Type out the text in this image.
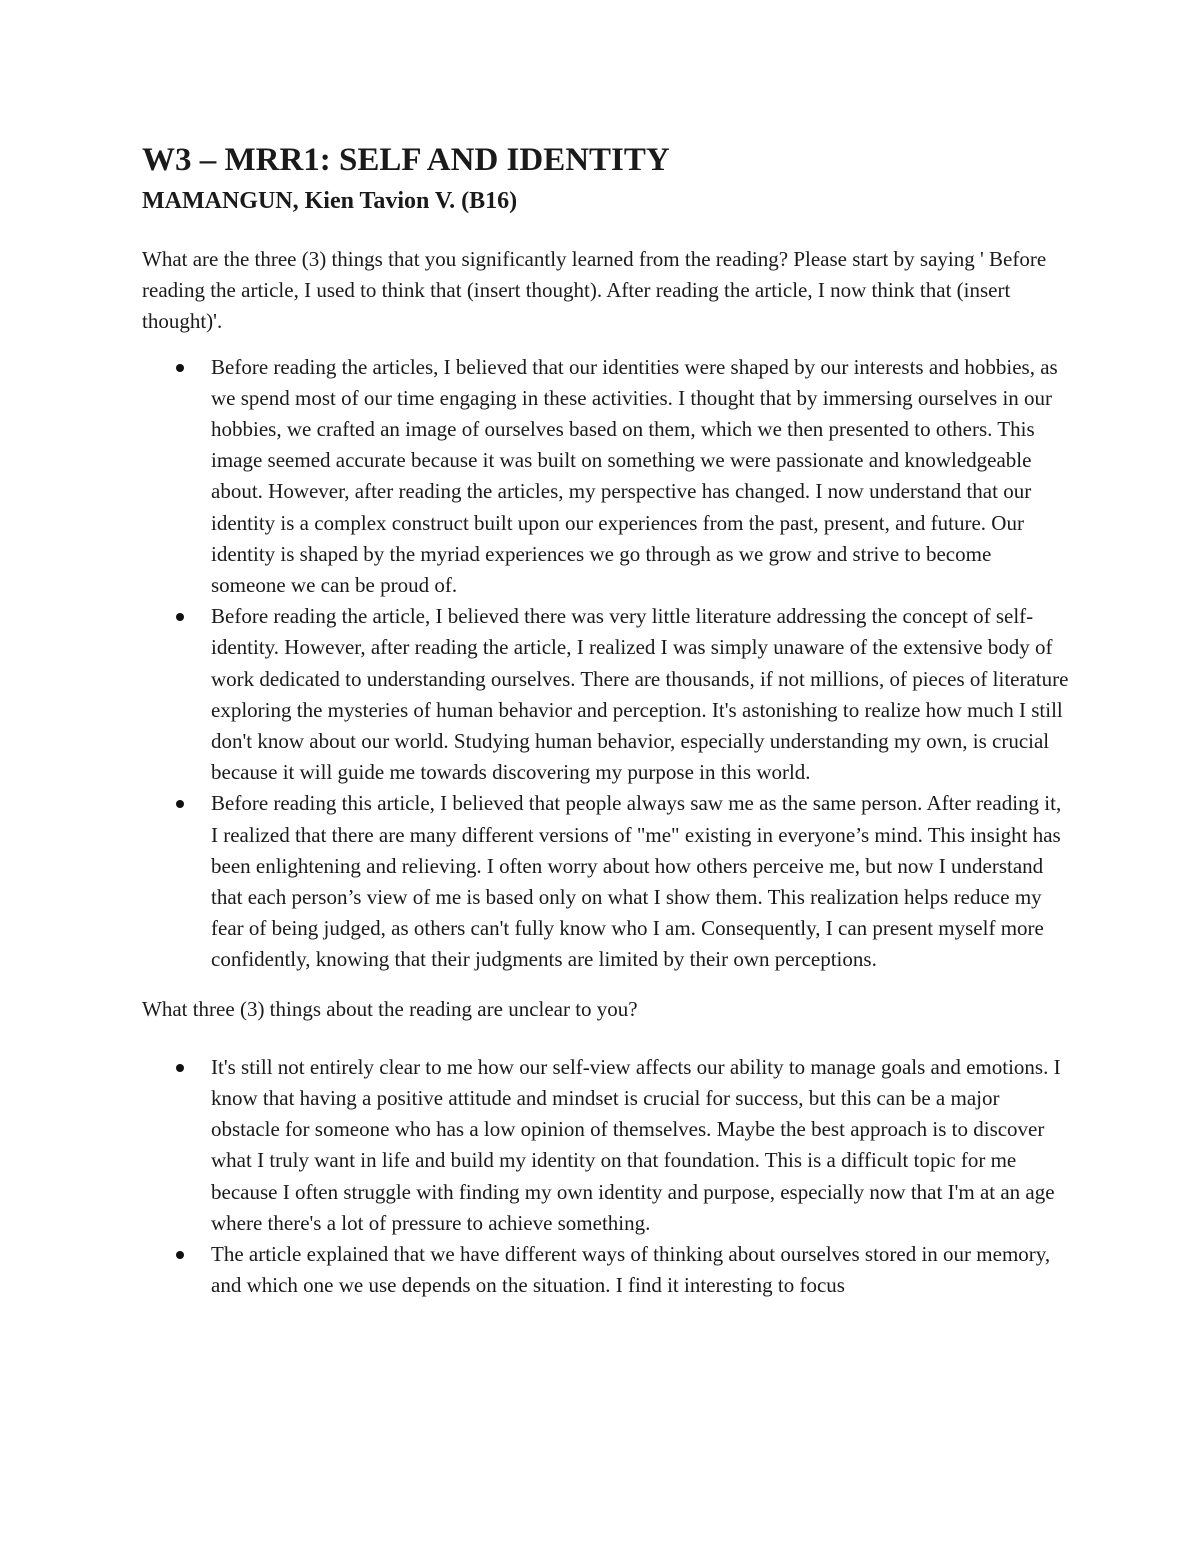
W3 – MRR1: SELF AND IDENTITY
MAMANGUN, Kien Tavion V. (B16)

What are the three (3) things that you significantly learned from the reading? Please start by saying ' Before reading the article, I used to think that (insert thought). After reading the article, I now think that (insert thought)'.

Before reading the articles, I believed that our identities were shaped by our interests and hobbies, as we spend most of our time engaging in these activities. I thought that by immersing ourselves in our hobbies, we crafted an image of ourselves based on them, which we then presented to others. This image seemed accurate because it was built on something we were passionate and knowledgeable about. However, after reading the articles, my perspective has changed. I now understand that our identity is a complex construct built upon our experiences from the past, present, and future. Our identity is shaped by the myriad experiences we go through as we grow and strive to become someone we can be proud of.
Before reading the article, I believed there was very little literature addressing the concept of self-identity. However, after reading the article, I realized I was simply unaware of the extensive body of work dedicated to understanding ourselves. There are thousands, if not millions, of pieces of literature exploring the mysteries of human behavior and perception. It's astonishing to realize how much I still don't know about our world. Studying human behavior, especially understanding my own, is crucial because it will guide me towards discovering my purpose in this world.
Before reading this article, I believed that people always saw me as the same person. After reading it, I realized that there are many different versions of "me" existing in everyone’s mind. This insight has been enlightening and relieving. I often worry about how others perceive me, but now I understand that each person’s view of me is based only on what I show them. This realization helps reduce my fear of being judged, as others can't fully know who I am. Consequently, I can present myself more confidently, knowing that their judgments are limited by their own perceptions.

What three (3) things about the reading are unclear to you?

It's still not entirely clear to me how our self-view affects our ability to manage goals and emotions. I know that having a positive attitude and mindset is crucial for success, but this can be a major obstacle for someone who has a low opinion of themselves. Maybe the best approach is to discover what I truly want in life and build my identity on that foundation. This is a difficult topic for me because I often struggle with finding my own identity and purpose, especially now that I'm at an age where there's a lot of pressure to achieve something.
The article explained that we have different ways of thinking about ourselves stored in our memory, and which one we use depends on the situation. I find it interesting to focus
